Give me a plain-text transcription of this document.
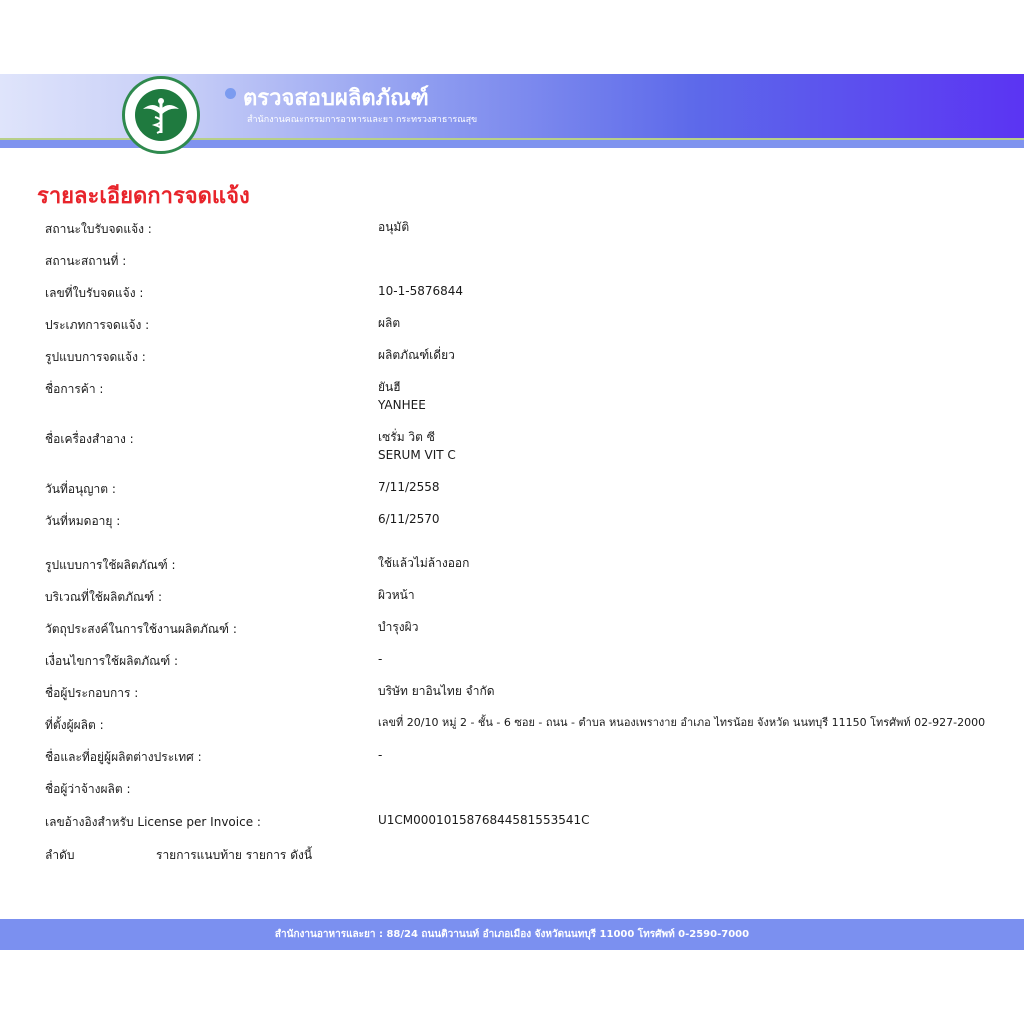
ตรวจสอบผลิตภัณฑ์
สำนักงานคณะกรรมการอาหารและยา กระทรวงสาธารณสุข
รายละเอียดการจดแจ้ง
สถานะใบรับจดแจ้ง :	อนุมัติ
สถานะสถานที่ :
เลขที่ใบรับจดแจ้ง :	10-1-5876844
ประเภทการจดแจ้ง :	ผลิต
รูปแบบการจดแจ้ง :	ผลิตภัณฑ์เดี่ยว
ชื่อการค้า :	ยันฮี
YANHEE
ชื่อเครื่องสำอาง :	เซรั่ม วิต ซี
SERUM VIT C
วันที่อนุญาต :	7/11/2558
วันที่หมดอายุ :	6/11/2570
รูปแบบการใช้ผลิตภัณฑ์ :	ใช้แล้วไม่ล้างออก
บริเวณที่ใช้ผลิตภัณฑ์ :	ผิวหน้า
วัตถุประสงค์ในการใช้งานผลิตภัณฑ์ :	บำรุงผิว
เงื่อนไขการใช้ผลิตภัณฑ์ :	-
ชื่อผู้ประกอบการ :	บริษัท ยาอินไทย จำกัด
ที่ตั้งผู้ผลิต :	เลขที่ 20/10 หมู่ 2 - ชั้น - 6 ซอย - ถนน - ตำบล หนองเพรางาย อำเภอ ไทรน้อย จังหวัด นนทบุรี 11150 โทรศัพท์ 02-927-2000
ชื่อและที่อยู่ผู้ผลิตต่างประเทศ :	-
ชื่อผู้ว่าจ้างผลิต :
เลขอ้างอิงสำหรับ License per Invoice :	U1CM0001015876844581553541C
ลำดับ	รายการแนบท้าย รายการ ดังนี้
สำนักงานอาหารและยา : 88/24 ถนนติวานนท์ อำเภอเมือง จังหวัดนนทบุรี 11000 โทรศัพท์ 0-2590-7000
